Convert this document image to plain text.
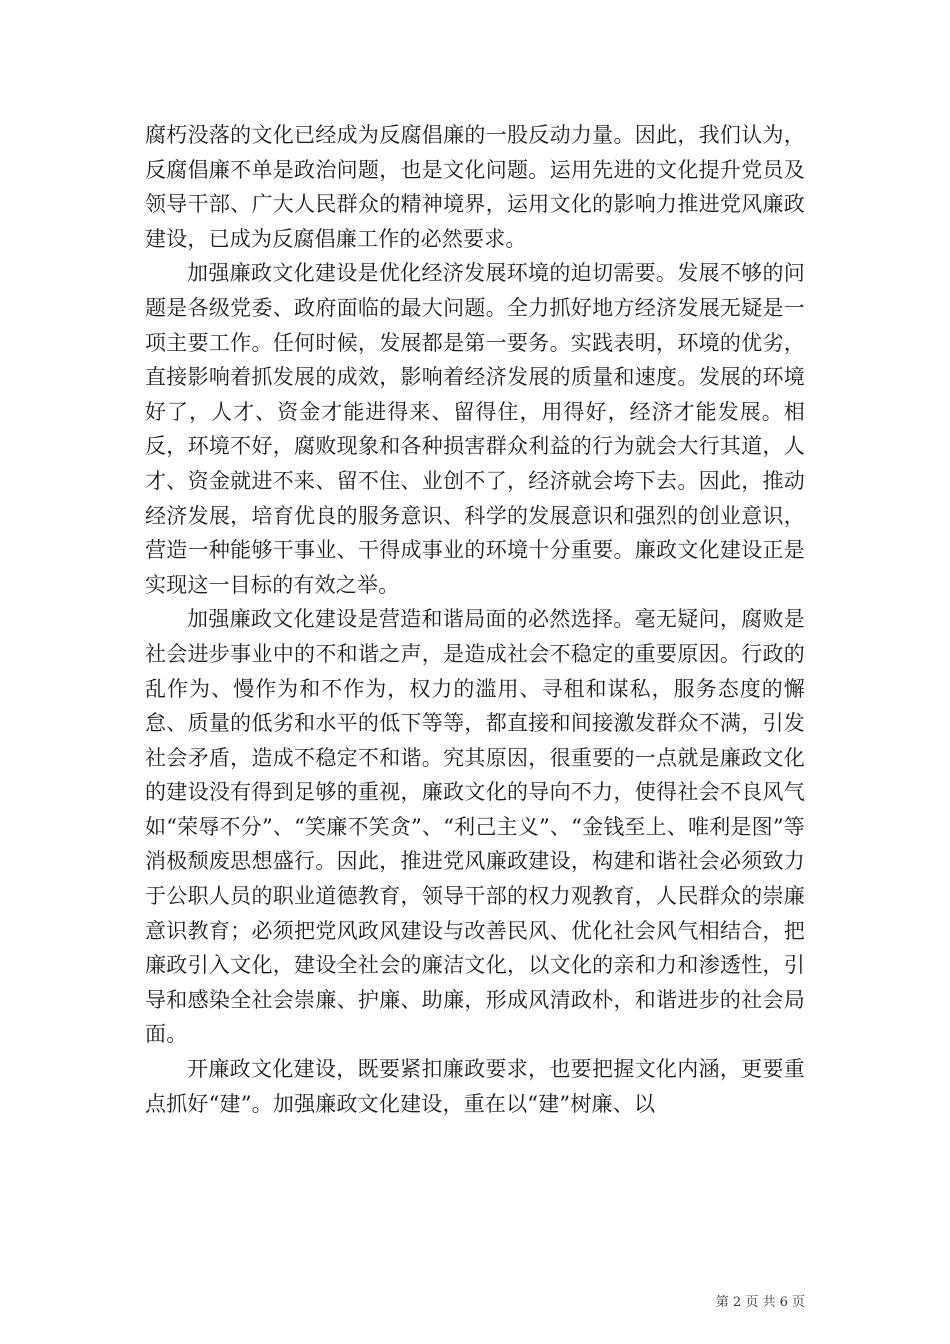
腐朽没落的文化已经成为反腐倡廉的一股反动力量。因此，我们认为，反腐倡廉不单是政治问题，也是文化问题。运用先进的文化提升党员及领导干部、广大人民群众的精神境界，运用文化的影响力推进党风廉政建设，已成为反腐倡廉工作的必然要求。

加强廉政文化建设是优化经济发展环境的迫切需要。发展不够的问题是各级党委、政府面临的最大问题。全力抓好地方经济发展无疑是一项主要工作。任何时候，发展都是第一要务。实践表明，环境的优劣，直接影响着抓发展的成效，影响着经济发展的质量和速度。发展的环境好了，人才、资金才能进得来、留得住，用得好，经济才能发展。相反，环境不好，腐败现象和各种损害群众利益的行为就会大行其道，人才、资金就进不来、留不住、业创不了，经济就会垮下去。因此，推动经济发展，培育优良的服务意识、科学的发展意识和强烈的创业意识，营造一种能够干事业、干得成事业的环境十分重要。廉政文化建设正是实现这一目标的有效之举。

加强廉政文化建设是营造和谐局面的必然选择。毫无疑问，腐败是社会进步事业中的不和谐之声，是造成社会不稳定的重要原因。行政的乱作为、慢作为和不作为，权力的滥用、寻租和谋私，服务态度的懈怠、质量的低劣和水平的低下等等，都直接和间接激发群众不满，引发社会矛盾，造成不稳定不和谐。究其原因，很重要的一点就是廉政文化的建设没有得到足够的重视，廉政文化的导向不力，使得社会不良风气如“荣辱不分”、“笑廉不笑贪”、“利己主义”、“金钱至上、唯利是图”等消极颓废思想盛行。因此，推进党风廉政建设，构建和谐社会必须致力于公职人员的职业道德教育，领导干部的权力观教育，人民群众的崇廉意识教育；必须把党风政风建设与改善民风、优化社会风气相结合，把廉政引入文化，建设全社会的廉洁文化，以文化的亲和力和渗透性，引导和感染全社会崇廉、护廉、助廉，形成风清政朴，和谐进步的社会局面。

开廉政文化建设，既要紧扣廉政要求，也要把握文化内涵，更要重点抓好“建”。加强廉政文化建设，重在以“建”树廉、以

第 2 页 共 6 页
